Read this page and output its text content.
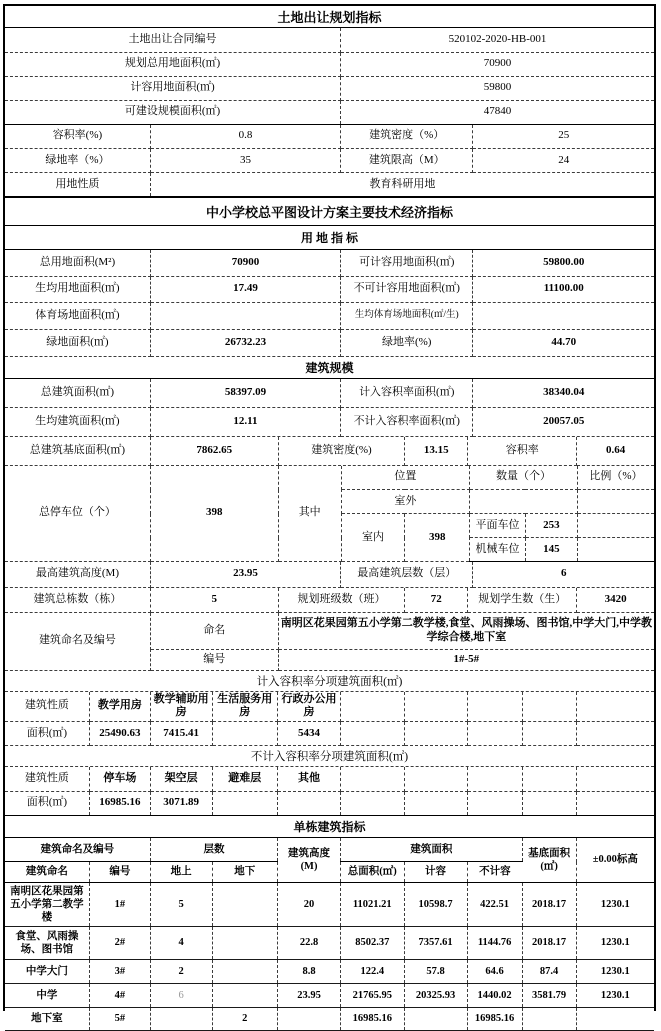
土地出让规划指标
土地出让合同编号	520102-2020-HB-001
规划总用地面积(㎡)	70900
计容用地面积(㎡)	59800
可建设规模面积(㎡)	47840
容积率(%)	0.8	建筑密度（%）	25
绿地率（%）	35	建筑限高（M）	24
用地性质	教育科研用地
中小学校总平图设计方案主要技术经济指标
用 地 指 标
总用地面积(M²)	70900	可计容用地面积(㎡)	59800.00
生均用地面积(㎡)	17.49	不可计容用地面积(㎡)	11100.00
体育场地面积(㎡)		生均体育场地面积(㎡/生)	
绿地面积(㎡)	26732.23	绿地率(%)	44.70
建筑规模
总建筑面积(㎡)	58397.09	计入容积率面积(㎡)	38340.04
生均建筑面积(㎡)	12.11	不计入容积率面积(㎡)	20057.05
总建筑基底面积(㎡)	7862.65	建筑密度(%)	13.15	容积率	0.64
总停车位（个）	398	其中	位置		数量（个）		比例（%）
			室外				
			室内	398	平面车位	253	
					机械车位	145	
最高建筑高度(M)	23.95	最高建筑层数（层）	6
建筑总栋数（栋）	5	规划班级数（班）	72	规划学生数（生）	3420
建筑命名及编号	命名	南明区花果园第五小学第二教学楼,食堂、风雨操场、图书馆,中学大门,中学教学综合楼,地下室
	编号	1#-5#
计入容积率分项建筑面积(㎡)
建筑性质	教学用房	教学辅助用房	生活服务用房	行政办公用房					
面积(㎡)	25490.63	7415.41		5434					
不计入容积率分项建筑面积(㎡)
建筑性质	停车场	架空层	避难层	其他					
面积(㎡)	16985.16	3071.89							
单栋建筑指标
建筑命名及编号		层数		建筑高度(M)	建筑面积			基底面积(㎡)	±0.00标高
建筑命名	编号	地上	地下		总面积(㎡)	计容	不计容		
南明区花果园第五小学第二教学楼	1#	5		20	11021.21	10598.7	422.51	2018.17	1230.1
食堂、风雨操场、图书馆	2#	4		22.8	8502.37	7357.61	1144.76	2018.17	1230.1
中学大门	3#	2		8.8	122.4	57.8	64.6	87.4	1230.1
中学	4#	6		23.95	21765.95	20325.93	1440.02	3581.79	1230.1
地下室	5#		2		16985.16		16985.16		
